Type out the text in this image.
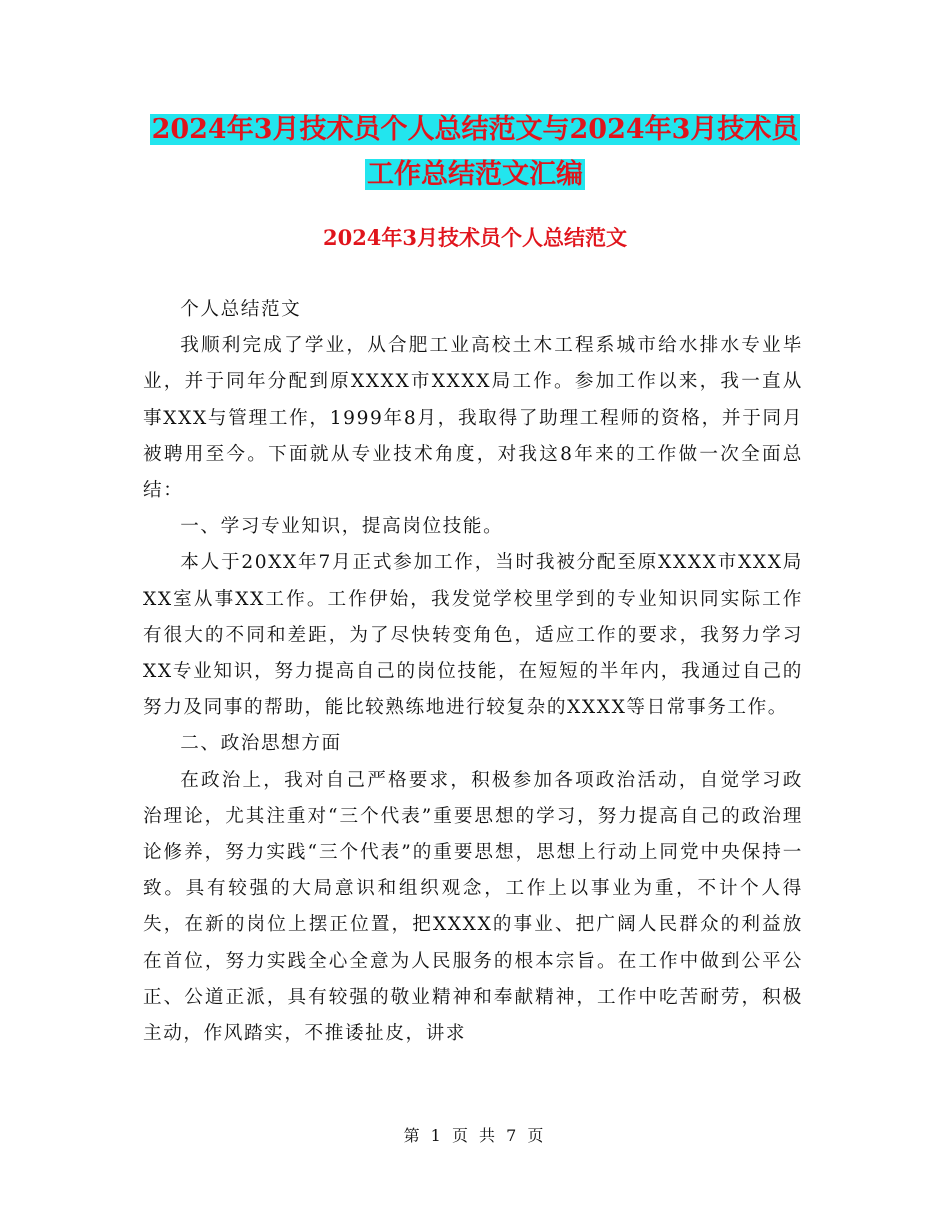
2024年3月技术员个人总结范文与2024年3月技术员
工作总结范文汇编
2024年3月技术员个人总结范文

个人总结范文

我顺利完成了学业，从合肥工业高校土木工程系城市给水排水专业毕业，并于同年分配到原XXXX市XXXX局工作。参加工作以来，我一直从事XXX与管理工作，1999年8月，我取得了助理工程师的资格，并于同月被聘用至今。下面就从专业技术角度，对我这8年来的工作做一次全面总结：

一、学习专业知识，提高岗位技能。

本人于20XX年7月正式参加工作，当时我被分配至原XXXX市XXX局XX室从事XX工作。工作伊始，我发觉学校里学到的专业知识同实际工作有很大的不同和差距，为了尽快转变角色，适应工作的要求，我努力学习XX专业知识，努力提高自己的岗位技能，在短短的半年内，我通过自己的努力及同事的帮助，能比较熟练地进行较复杂的XXXX等日常事务工作。

二、政治思想方面

在政治上，我对自己严格要求，积极参加各项政治活动，自觉学习政治理论，尤其注重对“三个代表”重要思想的学习，努力提高自己的政治理论修养，努力实践“三个代表”的重要思想，思想上行动上同党中央保持一致。具有较强的大局意识和组织观念，工作上以事业为重，不计个人得失，在新的岗位上摆正位置，把XXXX的事业、把广阔人民群众的利益放在首位，努力实践全心全意为人民服务的根本宗旨。在工作中做到公平公正、公道正派，具有较强的敬业精神和奉献精神，工作中吃苦耐劳，积极主动，作风踏实，不推诿扯皮，讲求

第 1 页 共 7 页
